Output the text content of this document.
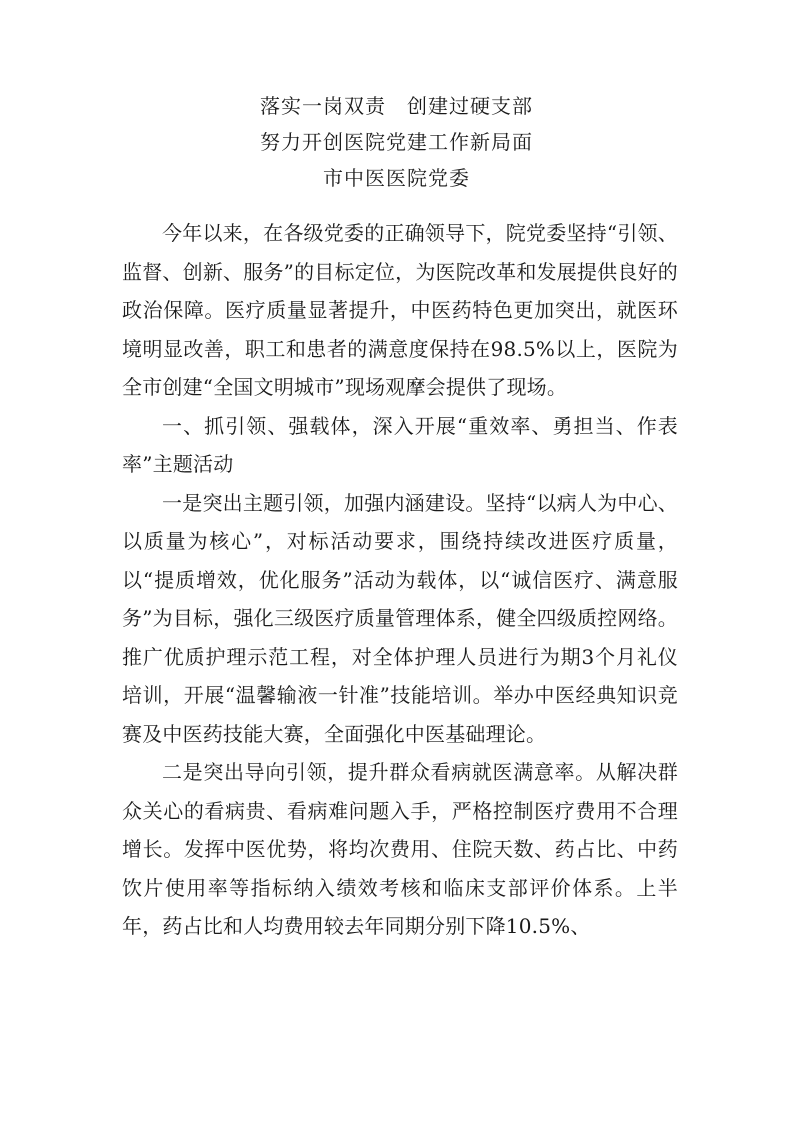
落实一岗双责　创建过硬支部

努力开创医院党建工作新局面

市中医医院党委

今年以来，在各级党委的正确领导下，院党委坚持“引领、监督、创新、服务”的目标定位，为医院改革和发展提供良好的政治保障。医疗质量显著提升，中医药特色更加突出，就医环境明显改善，职工和患者的满意度保持在98.5%以上，医院为全市创建“全国文明城市”现场观摩会提供了现场。

一、抓引领、强载体，深入开展“重效率、勇担当、作表率”主题活动

一是突出主题引领，加强内涵建设。坚持“以病人为中心、以质量为核心”，对标活动要求，围绕持续改进医疗质量，以“提质增效，优化服务”活动为载体，以“诚信医疗、满意服务”为目标，强化三级医疗质量管理体系，健全四级质控网络。推广优质护理示范工程，对全体护理人员进行为期3个月礼仪培训，开展“温馨输液一针准”技能培训。举办中医经典知识竞赛及中医药技能大赛，全面强化中医基础理论。

二是突出导向引领，提升群众看病就医满意率。从解决群众关心的看病贵、看病难问题入手，严格控制医疗费用不合理增长。发挥中医优势，将均次费用、住院天数、药占比、中药饮片使用率等指标纳入绩效考核和临床支部评价体系。上半年，药占比和人均费用较去年同期分别下降10.5%、
